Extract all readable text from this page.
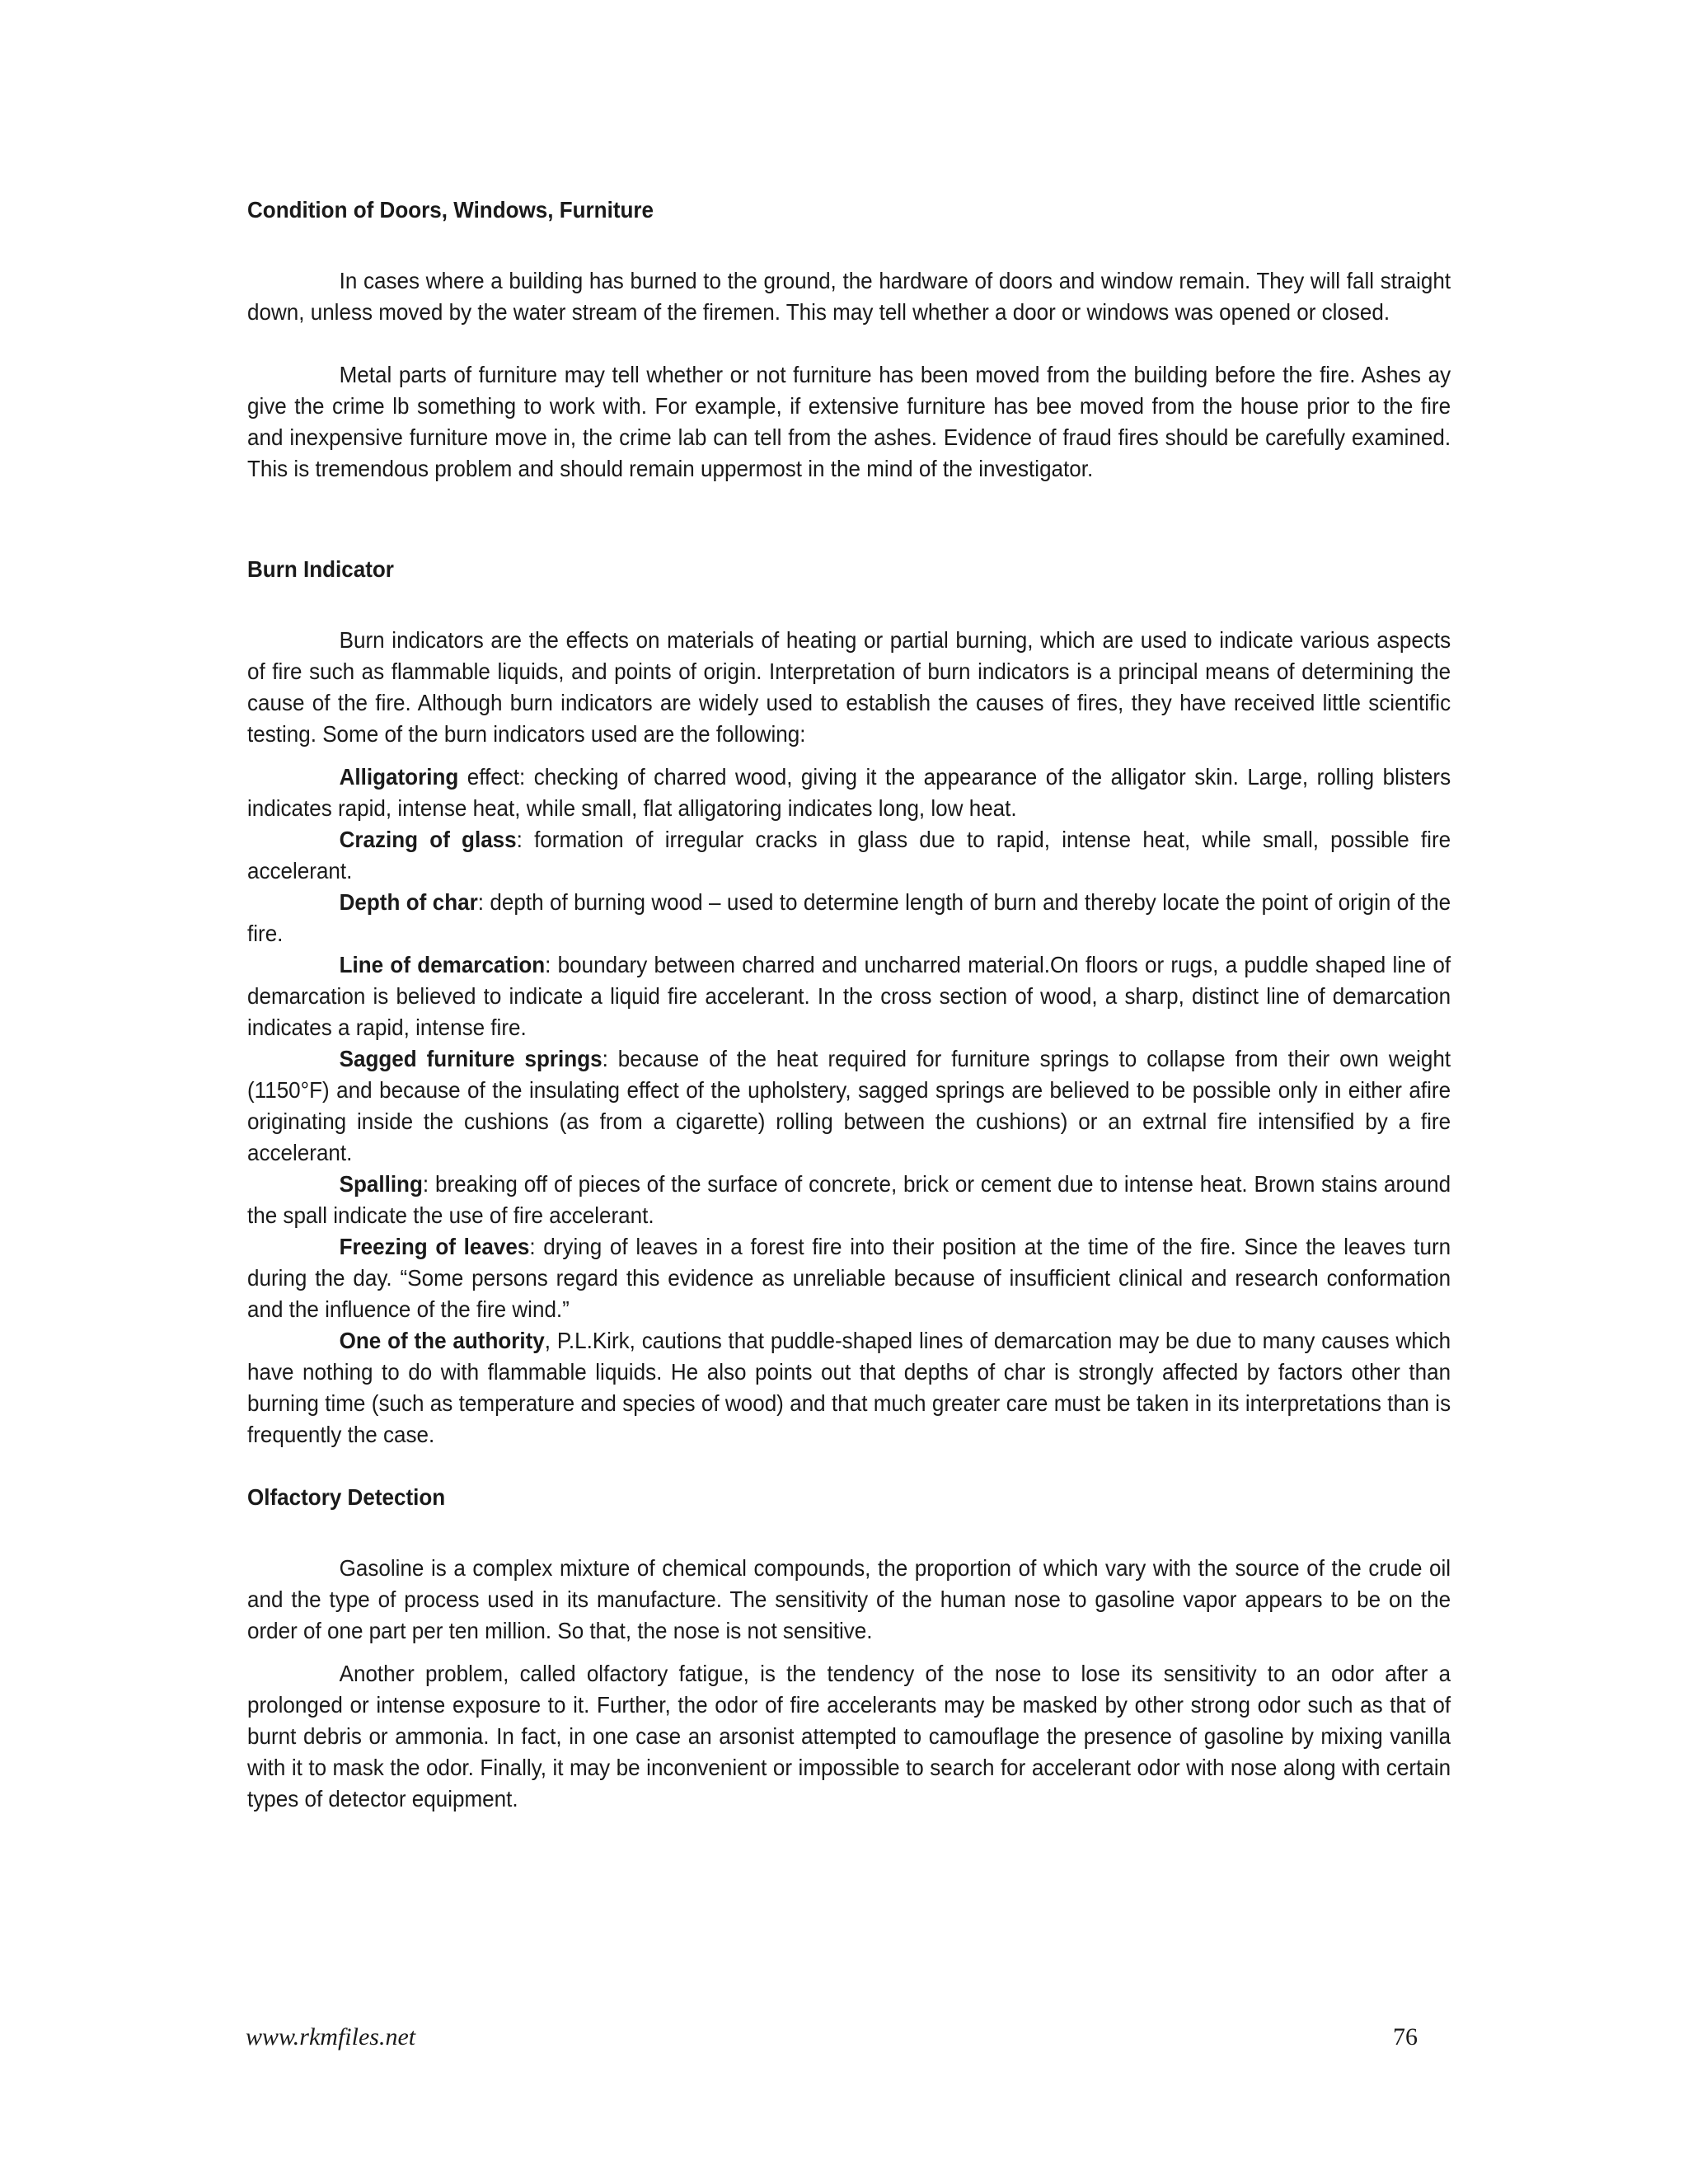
Condition of Doors, Windows, Furniture

In cases where a building has burned to the ground, the hardware of doors and window remain. They will fall straight down, unless moved by the water stream of the firemen. This may tell whether a door or windows was opened or closed.

Metal parts of furniture may tell whether or not furniture has been moved from the building before the fire. Ashes ay give the crime lb something to work with. For example, if extensive furniture has bee moved from the house prior to the fire and inexpensive furniture move in, the crime lab can tell from the ashes. Evidence of fraud fires should be carefully examined. This is tremendous problem and should remain uppermost in the mind of the investigator.

Burn Indicator

Burn indicators are the effects on materials of heating or partial burning, which are used to indicate various aspects of fire such as flammable liquids, and points of origin. Interpretation of burn indicators is a principal means of determining the cause of the fire. Although burn indicators are widely used to establish the causes of fires, they have received little scientific testing. Some of the burn indicators used are the following:

Alligatoring effect: checking of charred wood, giving it the appearance of the alligator skin. Large, rolling blisters indicates rapid, intense heat, while small, flat alligatoring indicates long, low heat.

Crazing of glass: formation of irregular cracks in glass due to rapid, intense heat, while small, possible fire accelerant.

Depth of char: depth of burning wood – used to determine length of burn and thereby locate the point of origin of the fire.

Line of demarcation: boundary between charred and uncharred material.On floors or rugs, a puddle shaped line of demarcation is believed to indicate a liquid fire accelerant. In the cross section of wood, a sharp, distinct line of demarcation indicates a rapid, intense fire.

Sagged furniture springs: because of the heat required for furniture springs to collapse from their own weight (1150°F) and because of the insulating effect of the upholstery, sagged springs are believed to be possible only in either afire originating inside the cushions (as from a cigarette) rolling between the cushions) or an extrnal fire intensified by a fire accelerant.

Spalling: breaking off of pieces of the surface of concrete, brick or cement due to intense heat. Brown stains around the spall indicate the use of fire accelerant.

Freezing of leaves: drying of leaves in a forest fire into their position at the time of the fire. Since the leaves turn during the day. “Some persons regard this evidence as unreliable because of insufficient clinical and research conformation and the influence of the fire wind.”

One of the authority, P.L.Kirk, cautions that puddle-shaped lines of demarcation may be due to many causes which have nothing to do with flammable liquids. He also points out that depths of char is strongly affected by factors other than burning time (such as temperature and species of wood) and that much greater care must be taken in its interpretations than is frequently the case.

Olfactory Detection

Gasoline is a complex mixture of chemical compounds, the proportion of which vary with the source of the crude oil and the type of process used in its manufacture. The sensitivity of the human nose to gasoline vapor appears to be on the order of one part per ten million. So that, the nose is not sensitive.

Another problem, called olfactory fatigue, is the tendency of the nose to lose its sensitivity to an odor after a prolonged or intense exposure to it. Further, the odor of fire accelerants may be masked by other strong odor such as that of burnt debris or ammonia. In fact, in one case an arsonist attempted to camouflage the presence of gasoline by mixing vanilla with it to mask the odor. Finally, it may be inconvenient or impossible to search for accelerant odor with nose along with certain types of detector equipment.

www.rkmfiles.net	76
